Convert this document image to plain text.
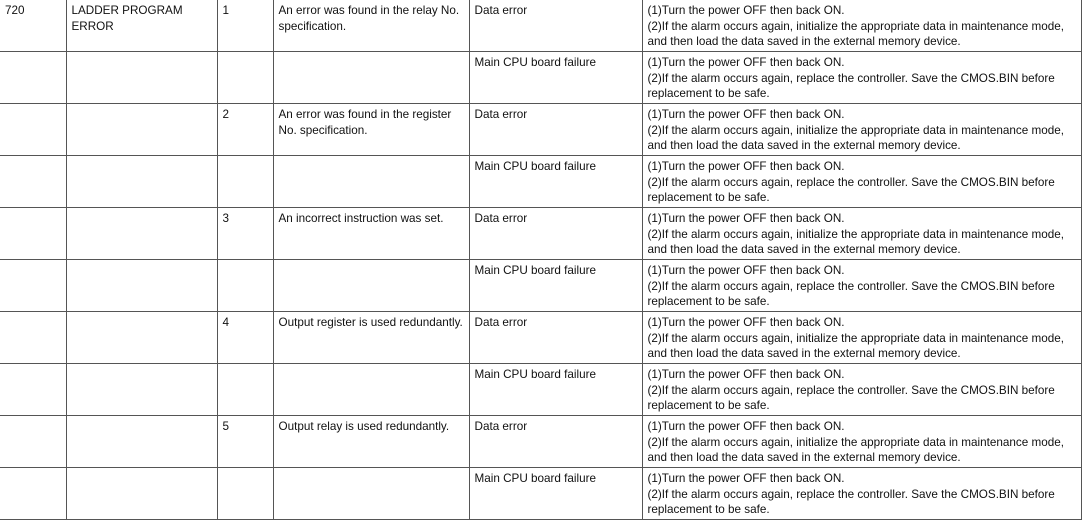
720	LADDER PROGRAM ERROR	1	An error was found in the relay No. specification.	Data error	(1)Turn the power OFF then back ON.
(2)If the alarm occurs again, initialize the appropriate data in maintenance mode, and then load the data saved in the external memory device.

				Main CPU board failure	(1)Turn the power OFF then back ON.
(2)If the alarm occurs again, replace the controller. Save the CMOS.BIN before replacement to be safe.

		2	An error was found in the register No. specification.	Data error	(1)Turn the power OFF then back ON.
(2)If the alarm occurs again, initialize the appropriate data in maintenance mode, and then load the data saved in the external memory device.

				Main CPU board failure	(1)Turn the power OFF then back ON.
(2)If the alarm occurs again, replace the controller. Save the CMOS.BIN before replacement to be safe.

		3	An incorrect instruction was set.	Data error	(1)Turn the power OFF then back ON.
(2)If the alarm occurs again, initialize the appropriate data in maintenance mode, and then load the data saved in the external memory device.

				Main CPU board failure	(1)Turn the power OFF then back ON.
(2)If the alarm occurs again, replace the controller. Save the CMOS.BIN before replacement to be safe.

		4	Output register is used redundantly.	Data error	(1)Turn the power OFF then back ON.
(2)If the alarm occurs again, initialize the appropriate data in maintenance mode, and then load the data saved in the external memory device.

				Main CPU board failure	(1)Turn the power OFF then back ON.
(2)If the alarm occurs again, replace the controller. Save the CMOS.BIN before replacement to be safe.

		5	Output relay is used redundantly.	Data error	(1)Turn the power OFF then back ON.
(2)If the alarm occurs again, initialize the appropriate data in maintenance mode, and then load the data saved in the external memory device.

				Main CPU board failure	(1)Turn the power OFF then back ON.
(2)If the alarm occurs again, replace the controller. Save the CMOS.BIN before replacement to be safe.
